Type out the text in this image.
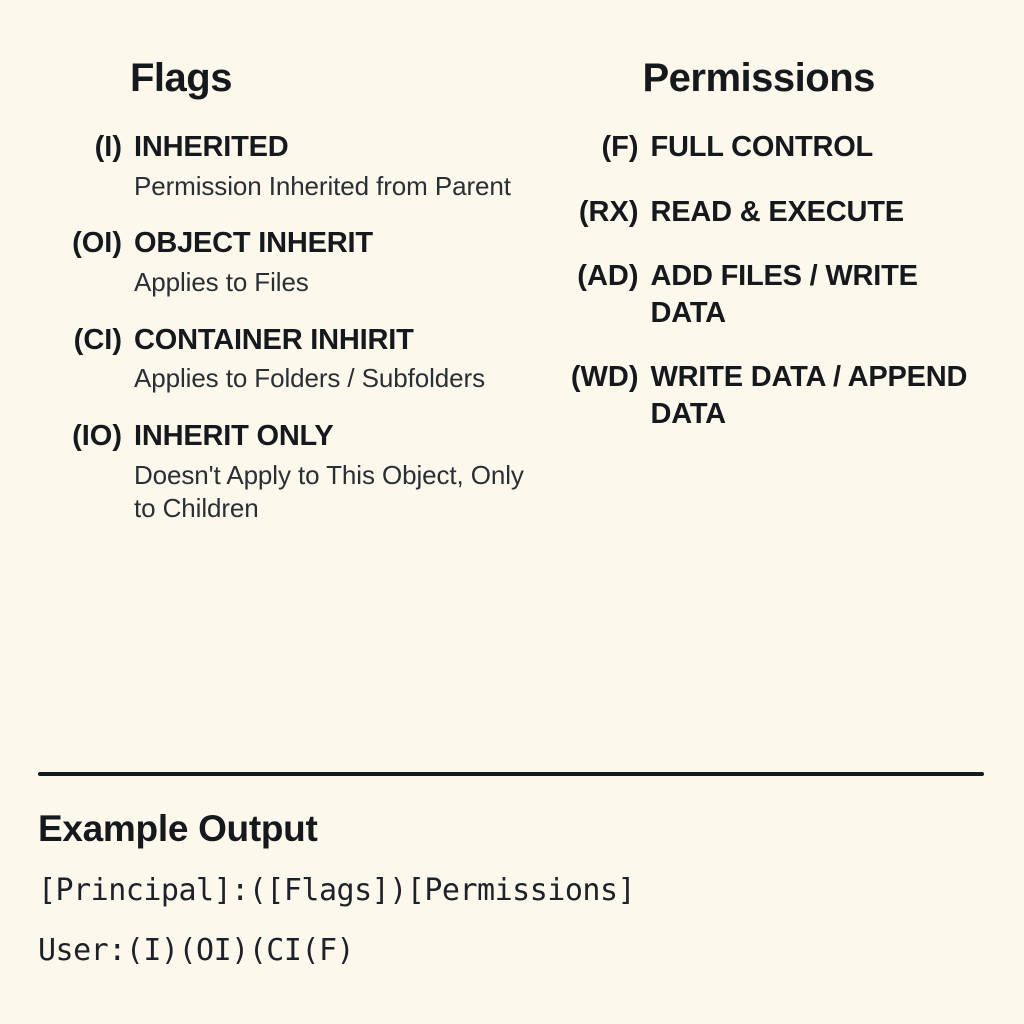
Flags
(I) INHERITED
Permission Inherited from Parent
(OI) OBJECT INHERIT
Applies to Files
(CI) CONTAINER INHIRIT
Applies to Folders / Subfolders
(IO) INHERIT ONLY
Doesn't Apply to This Object, Only to Children
Permissions
(F) FULL CONTROL
(RX) READ & EXECUTE
(AD) ADD FILES / WRITE DATA
(WD) WRITE DATA / APPEND DATA
Example Output
[Principal]:([Flags])[Permissions]
User:(I)(OI)(CI(F)
